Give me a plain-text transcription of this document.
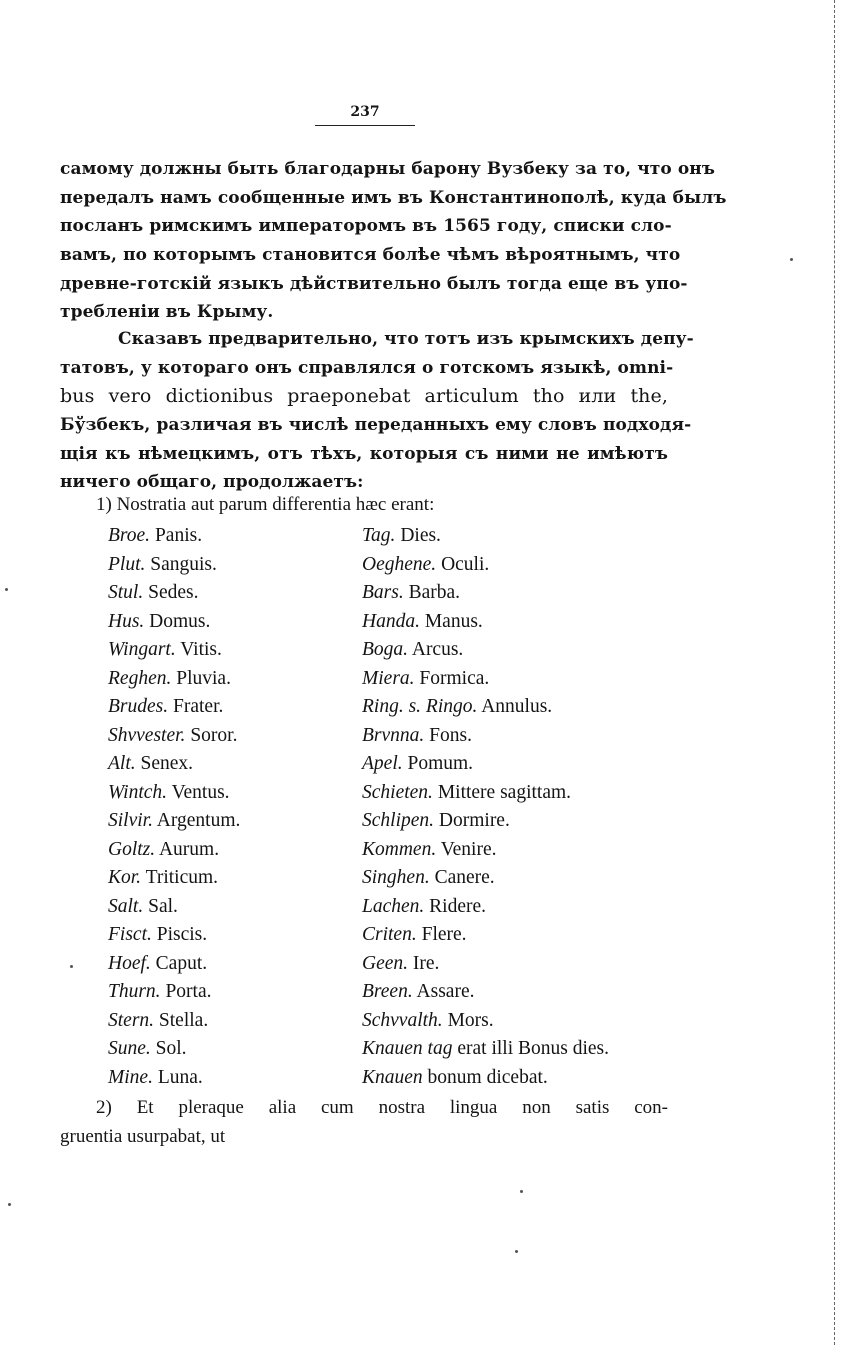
237
самому должны быть благодарны барону Вузбеку за то, что онъ
передалъ намъ сообщенные имъ въ Константинополѣ, куда былъ
посланъ римскимъ императоромъ въ 1565 году, списки сло-
вамъ, по которымъ становится болѣе чѣмъ вѣроятнымъ, что
древне-готскій языкъ дѣйствительно былъ тогда еще въ упо-
требленіи въ Крыму.
Сказавъ предварительно, что тотъ изъ крымскихъ депу-
татовъ, у котораго онъ справлялся о готскомъ языкѣ, omni-
bus vero dictionibus praeponebat articulum tho или the,
Бўзбекъ, различая въ числѣ переданныхъ ему словъ подходя-
щія къ нѣмецкимъ, отъ тѣхъ, которыя съ ними не имѣютъ
ничего общаго, продолжаетъ:
1) Nostratia aut parum differentia hæc erant:
Broe. Panis.
Plut. Sanguis.
Stul. Sedes.
Hus. Domus.
Wingart. Vitis.
Reghen. Pluvia.
Brudes. Frater.
Shvvester. Soror.
Alt. Senex.
Wintch. Ventus.
Silvir. Argentum.
Goltz. Aurum.
Kor. Triticum.
Salt. Sal.
Fisct. Piscis.
Hoef. Caput.
Thurn. Porta.
Stern. Stella.
Sune. Sol.
Mine. Luna.
Tag. Dies.
Oeghene. Oculi.
Bars. Barba.
Handa. Manus.
Boga. Arcus.
Miera. Formica.
Ring. s. Ringo. Annulus.
Brvnna. Fons.
Apel. Pomum.
Schieten. Mittere sagittam.
Schlipen. Dormire.
Kommen. Venire.
Singhen. Canere.
Lachen. Ridere.
Criten. Flere.
Geen. Ire.
Breen. Assare.
Schvvalth. Mors.
Knauen tag erat illi Bonus dies.
Knauen bonum dicebat.
2) Et pleraque alia cum nostra lingua non satis con-
gruentia usurpabat, ut
